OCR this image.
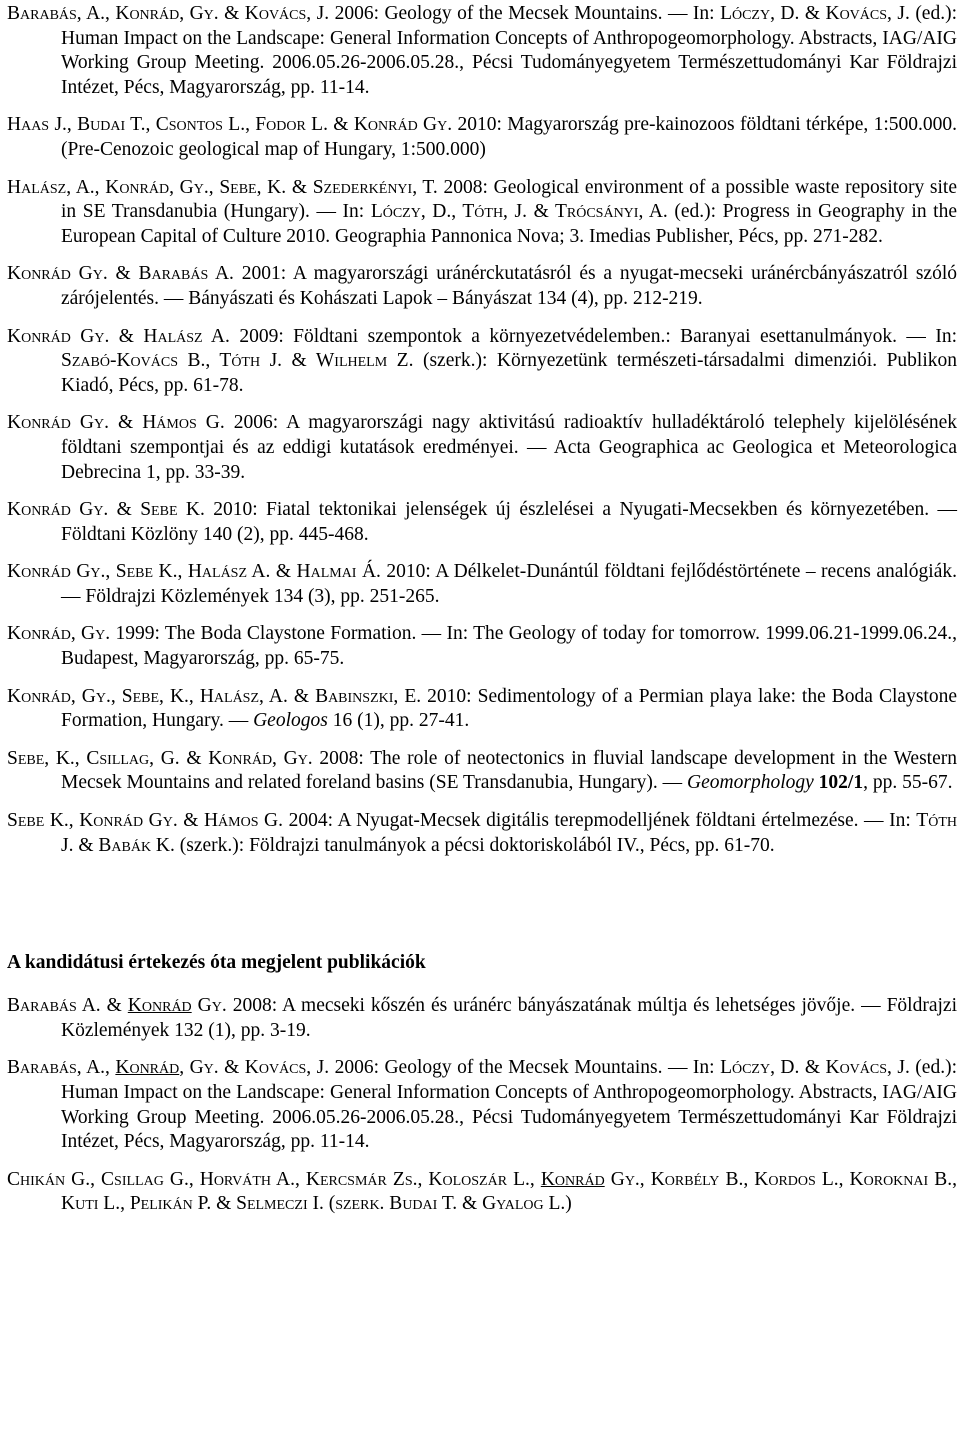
Barabás, A., Konrád, Gy. & Kovács, J. 2006: Geology of the Mecsek Mountains. — In: Lóczy, D. & Kovács, J. (ed.): Human Impact on the Landscape: General Information Concepts of Anthropogeomorphology. Abstracts, IAG/AIG Working Group Meeting. 2006.05.26-2006.05.28., Pécsi Tudományegyetem Természettudományi Kar Földrajzi Intézet, Pécs, Magyarország, pp. 11-14.

Haas J., Budai T., Csontos L., Fodor L. & Konrád Gy. 2010: Magyarország pre-kainozoos földtani térképe, 1:500.000. (Pre-Cenozoic geological map of Hungary, 1:500.000)

Halász, A., Konrád, Gy., Sebe, K. & Szederkényi, T. 2008: Geological environment of a possible waste repository site in SE Transdanubia (Hungary). — In: Lóczy, D., Tóth, J. & Trócsányi, A. (ed.): Progress in Geography in the European Capital of Culture 2010. Geographia Pannonica Nova; 3. Imedias Publisher, Pécs, pp. 271-282.

Konrád Gy. & Barabás A. 2001: A magyarországi uránérckutatásról és a nyugat-mecseki uránércbányászatról szóló zárójelentés. — Bányászati és Kohászati Lapok – Bányászat 134 (4), pp. 212-219.

Konrád Gy. & Halász A. 2009: Földtani szempontok a környezetvédelemben.: Baranyai esettanulmányok. — In: Szabó-Kovács B., Tóth J. & Wilhelm Z. (szerk.): Környezetünk természeti-társadalmi dimenziói. Publikon Kiadó, Pécs, pp. 61-78.

Konrád Gy. & Hámos G. 2006: A magyarországi nagy aktivitású radioaktív hulladéktároló telephely kijelölésének földtani szempontjai és az eddigi kutatások eredményei. — Acta Geographica ac Geologica et Meteorologica Debrecina 1, pp. 33-39.

Konrád Gy. & Sebe K. 2010: Fiatal tektonikai jelenségek új észlelései a Nyugati-Mecsekben és környezetében. — Földtani Közlöny 140 (2), pp. 445-468.

Konrád Gy., Sebe K., Halász A. & Halmai Á. 2010: A Délkelet-Dunántúl földtani fejlődéstörténete – recens analógiák. — Földrajzi Közlemények 134 (3), pp. 251-265.

Konrád, Gy. 1999: The Boda Claystone Formation. — In: The Geology of today for tomorrow. 1999.06.21-1999.06.24., Budapest, Magyarország, pp. 65-75.

Konrád, Gy., Sebe, K., Halász, A. & Babinszki, E. 2010: Sedimentology of a Permian playa lake: the Boda Claystone Formation, Hungary. — Geologos 16 (1), pp. 27-41.

Sebe, K., Csillag, G. & Konrád, Gy. 2008: The role of neotectonics in fluvial landscape development in the Western Mecsek Mountains and related foreland basins (SE Transdanubia, Hungary). — Geomorphology 102/1, pp. 55-67.

Sebe K., Konrád Gy. & Hámos G. 2004: A Nyugat-Mecsek digitális terepmodelljének földtani értelmezése. — In: Tóth J. & Babák K. (szerk.): Földrajzi tanulmányok a pécsi doktoriskolából IV., Pécs, pp. 61-70.

A kandidátusi értekezés óta megjelent publikációk

Barabás A. & Konrád Gy. 2008: A mecseki kőszén és uránérc bányászatának múltja és lehetséges jövője. — Földrajzi Közlemények 132 (1), pp. 3-19.

Barabás, A., Konrád, Gy. & Kovács, J. 2006: Geology of the Mecsek Mountains. — In: Lóczy, D. & Kovács, J. (ed.): Human Impact on the Landscape: General Information Concepts of Anthropogeomorphology. Abstracts, IAG/AIG Working Group Meeting. 2006.05.26-2006.05.28., Pécsi Tudományegyetem Természettudományi Kar Földrajzi Intézet, Pécs, Magyarország, pp. 11-14.

Chikán G., Csillag G., Horváth A., Kercsmár Zs., Koloszár L., Konrád Gy., Korbély B., Kordos L., Koroknai B., Kuti L., Pelikán P. & Selmeczi I. (szerk. Budai T. & Gyalog L.)
